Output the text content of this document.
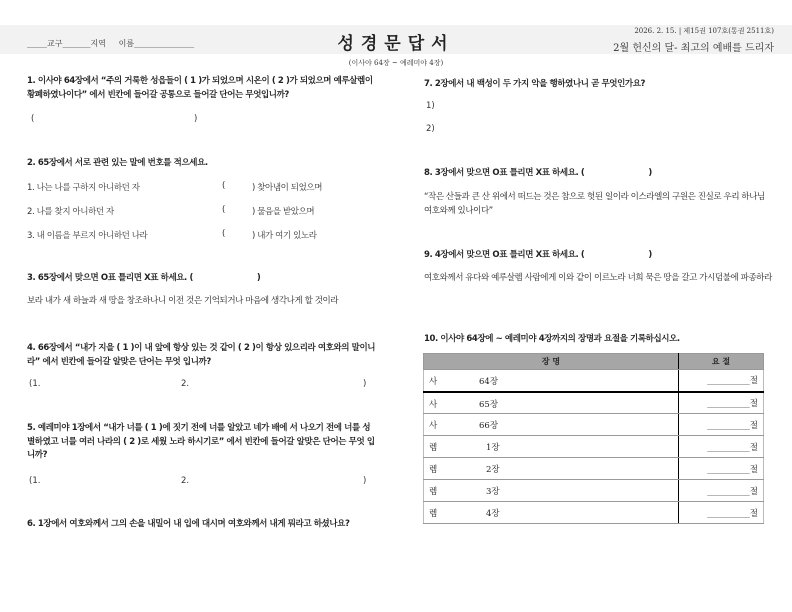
_____교구_______지역     이름_______________	성경문답서
2026. 2. 15. | 제15권 107호(통권 2511호)
2월 헌신의 달- 최고의 예배를 드리자
(이사야 64장 ~ 예레미야 4장)
1. 이사야 64장에서 “주의 거룩한 성읍들이 ( 1 )가 되었으며 시온이 ( 2 )가 되었으며 예루살렘이 황폐하였나이다” 에서 빈칸에 들어갈 공통으로 들어갈 단어는 무엇입니까?
(	)
2. 65장에서 서로 관련 있는 말에 번호를 적으세요.
1. 나는 나를 구하지 아니하던 자	(	) 찾아냄이 되었으며
2. 나를 찾지 아니하던 자	(	) 물음을 받았으며
3. 내 이름을 부르지 아니하던 나라	(	) 내가 여기 있노라
3. 65장에서 맞으면 O표 틀리면 X표 하세요. (                         )
보라 내가 새 하늘과 새 땅을 창조하나니 이전 것은 기억되거나 마음에 생각나게 할 것이라
4. 66장에서 “내가 지을 ( 1 )이 내 앞에 항상 있는 것 같이 ( 2 )이 항상 있으리라 여호와의 말이니라” 에서 빈칸에 들어갈 알맞은 단어는 무엇 입니까?
(1.	2.	)
5. 예레미야 1장에서 “내가 너를 ( 1 )에 짓기 전에 너를 알았고 네가 배에 서 나오기 전에 너를 성별하였고 너를 여러 나라의 ( 2 )로 세웠 노라 하시기로” 에서 빈칸에 들어갈 알맞은 단어는 무엇 입니까?
(1.	2.	)
6. 1장에서 여호와께서 그의 손을 내밀어 내 입에 대시며 여호와께서 내게 뭐라고 하셨나요?
7. 2장에서 내 백성이 두 가지 악을 행하였나니 곧 무엇인가요?
1)
2)
8. 3장에서 맞으면 O표 틀리면 X표 하세요. (                         )
“작은 산들과 큰 산 위에서 떠드는 것은 참으로 헛된 일이라 이스라엘의 구원은 진실로 우리 하나님 여호와께 있나이다”
9. 4장에서 맞으면 O표 틀리면 X표 하세요. (                         )
여호와께서 유다와 예루살렘 사람에게 이와 같이 이르노라 너희 묵은 땅을 갈고 가시덤불에 파종하라
10. 이사야 64장에 ~ 예레미야 4장까지의 장명과 요절을 기록하십시오.
장 명	요 절

사 64장	__________절

사 65장	__________절

사 66장	__________절

렘 1장	__________절

렘 2장	__________절

렘 3장	__________절

렘 4장	__________절
